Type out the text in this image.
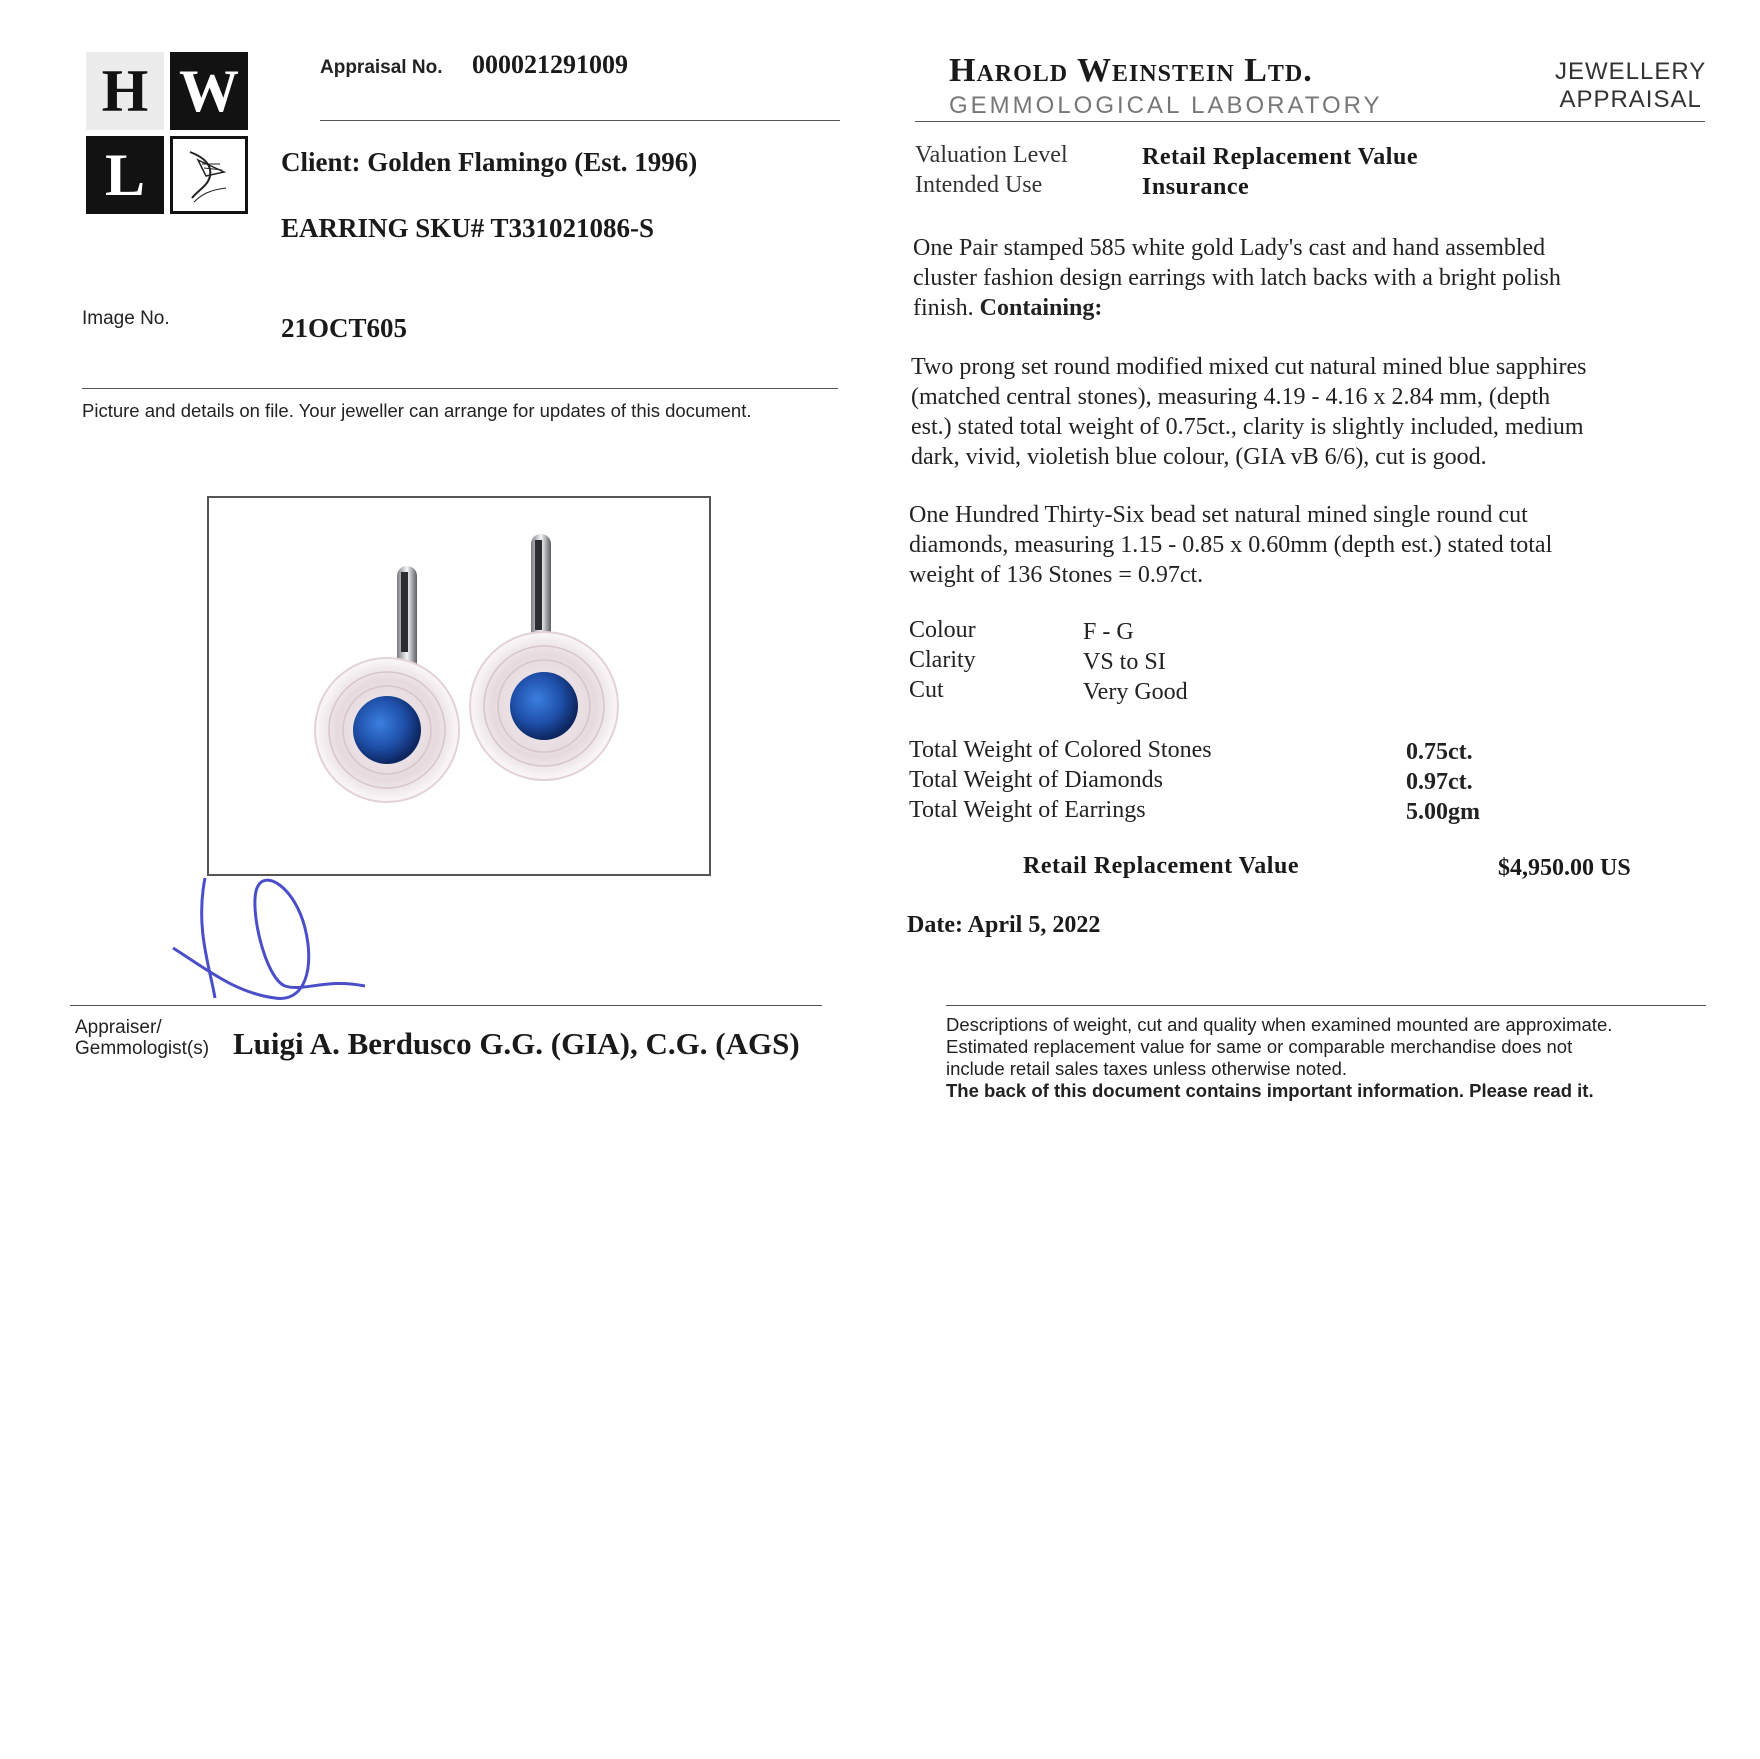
H W
L
Appraisal No. 000021291009
Client: Golden Flamingo (Est. 1996)
EARRING SKU# T331021086-S
Image No.	21OCT605
Picture and details on file. Your jeweller can arrange for updates of this document.
Appraiser/
Gemmologist(s) Luigi A. Berdusco G.G. (GIA), C.G. (AGS)
Harold Weinstein Ltd.
GEMMOLOGICAL LABORATORY
JEWELLERY
APPRAISAL
Valuation Level
Intended Use
Retail Replacement Value
Insurance
One Pair stamped 585 white gold Lady's cast and hand assembled
cluster fashion design earrings with latch backs with a bright polish
finish. Containing:
Two prong set round modified mixed cut natural mined blue sapphires
(matched central stones), measuring 4.19 - 4.16 x 2.84 mm, (depth
est.) stated total weight of 0.75ct., clarity is slightly included, medium
dark, vivid, violetish blue colour, (GIA vB 6/6), cut is good.
One Hundred Thirty-Six bead set natural mined single round cut
diamonds, measuring 1.15 - 0.85 x 0.60mm (depth est.) stated total
weight of 136 Stones = 0.97ct.
Colour
Clarity
Cut
F - G
VS to SI
Very Good
Total Weight of Colored Stones
Total Weight of Diamonds
Total Weight of Earrings
0.75ct.
0.97ct.
5.00gm
Retail Replacement Value	$4,950.00 US
Date: April 5, 2022
Descriptions of weight, cut and quality when examined mounted are approximate.
Estimated replacement value for same or comparable merchandise does not
include retail sales taxes unless otherwise noted.
The back of this document contains important information. Please read it.
